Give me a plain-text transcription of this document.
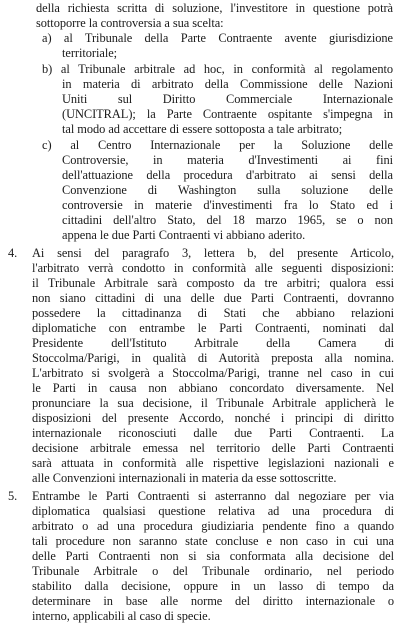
della richiesta scritta di soluzione, l'investitore in questione potrà
sottoporre la controversia a sua scelta:
a) al Tribunale della Parte Contraente avente giurisdizione
territoriale;
b) al Tribunale arbitrale ad hoc, in conformità al regolamento
in materia di arbitrato della Commissione delle Nazioni
Uniti sul Diritto Commerciale Internazionale
(UNCITRAL); la Parte Contraente ospitante s'impegna in
tal modo ad accettare di essere sottoposta a tale arbitrato;
c) al Centro Internazionale per la Soluzione delle
Controversie, in materia d'Investimenti ai fini
dell'attuazione della procedura d'arbitrato ai sensi della
Convenzione di Washington sulla soluzione delle
controversie in materie d'investimenti fra lo Stato ed i
cittadini dell'altro Stato, del 18 marzo 1965, se o non
appena le due Parti Contraenti vi abbiano aderito.
4. Ai sensi del paragrafo 3, lettera b, del presente Articolo,
l'arbitrato verrà condotto in conformità alle seguenti disposizioni:
il Tribunale Arbitrale sarà composto da tre arbitri; qualora essi
non siano cittadini di una delle due Parti Contraenti, dovranno
possedere la cittadinanza di Stati che abbiano relazioni
diplomatiche con entrambe le Parti Contraenti, nominati dal
Presidente dell'Istituto Arbitrale della Camera di
Stoccolma/Parigi, in qualità di Autorità preposta alla nomina.
L'arbitrato si svolgerà a Stoccolma/Parigi, tranne nel caso in cui
le Parti in causa non abbiano concordato diversamente. Nel
pronunciare la sua decisione, il Tribunale Arbitrale applicherà le
disposizioni del presente Accordo, nonché i principi di diritto
internazionale riconosciuti dalle due Parti Contraenti. La
decisione arbitrale emessa nel territorio delle Parti Contraenti
sarà attuata in conformità alle rispettive legislazioni nazionali e
alle Convenzioni internazionali in materia da esse sottoscritte.
5. Entrambe le Parti Contraenti si asterranno dal negoziare per via
diplomatica qualsiasi questione relativa ad una procedura di
arbitrato o ad una procedura giudiziaria pendente fino a quando
tali procedure non saranno state concluse e non caso in cui una
delle Parti Contraenti non si sia conformata alla decisione del
Tribunale Arbitrale o del Tribunale ordinario, nel periodo
stabilito dalla decisione, oppure in un lasso di tempo da
determinare in base alle norme del diritto internazionale o
interno, applicabili al caso di specie.
